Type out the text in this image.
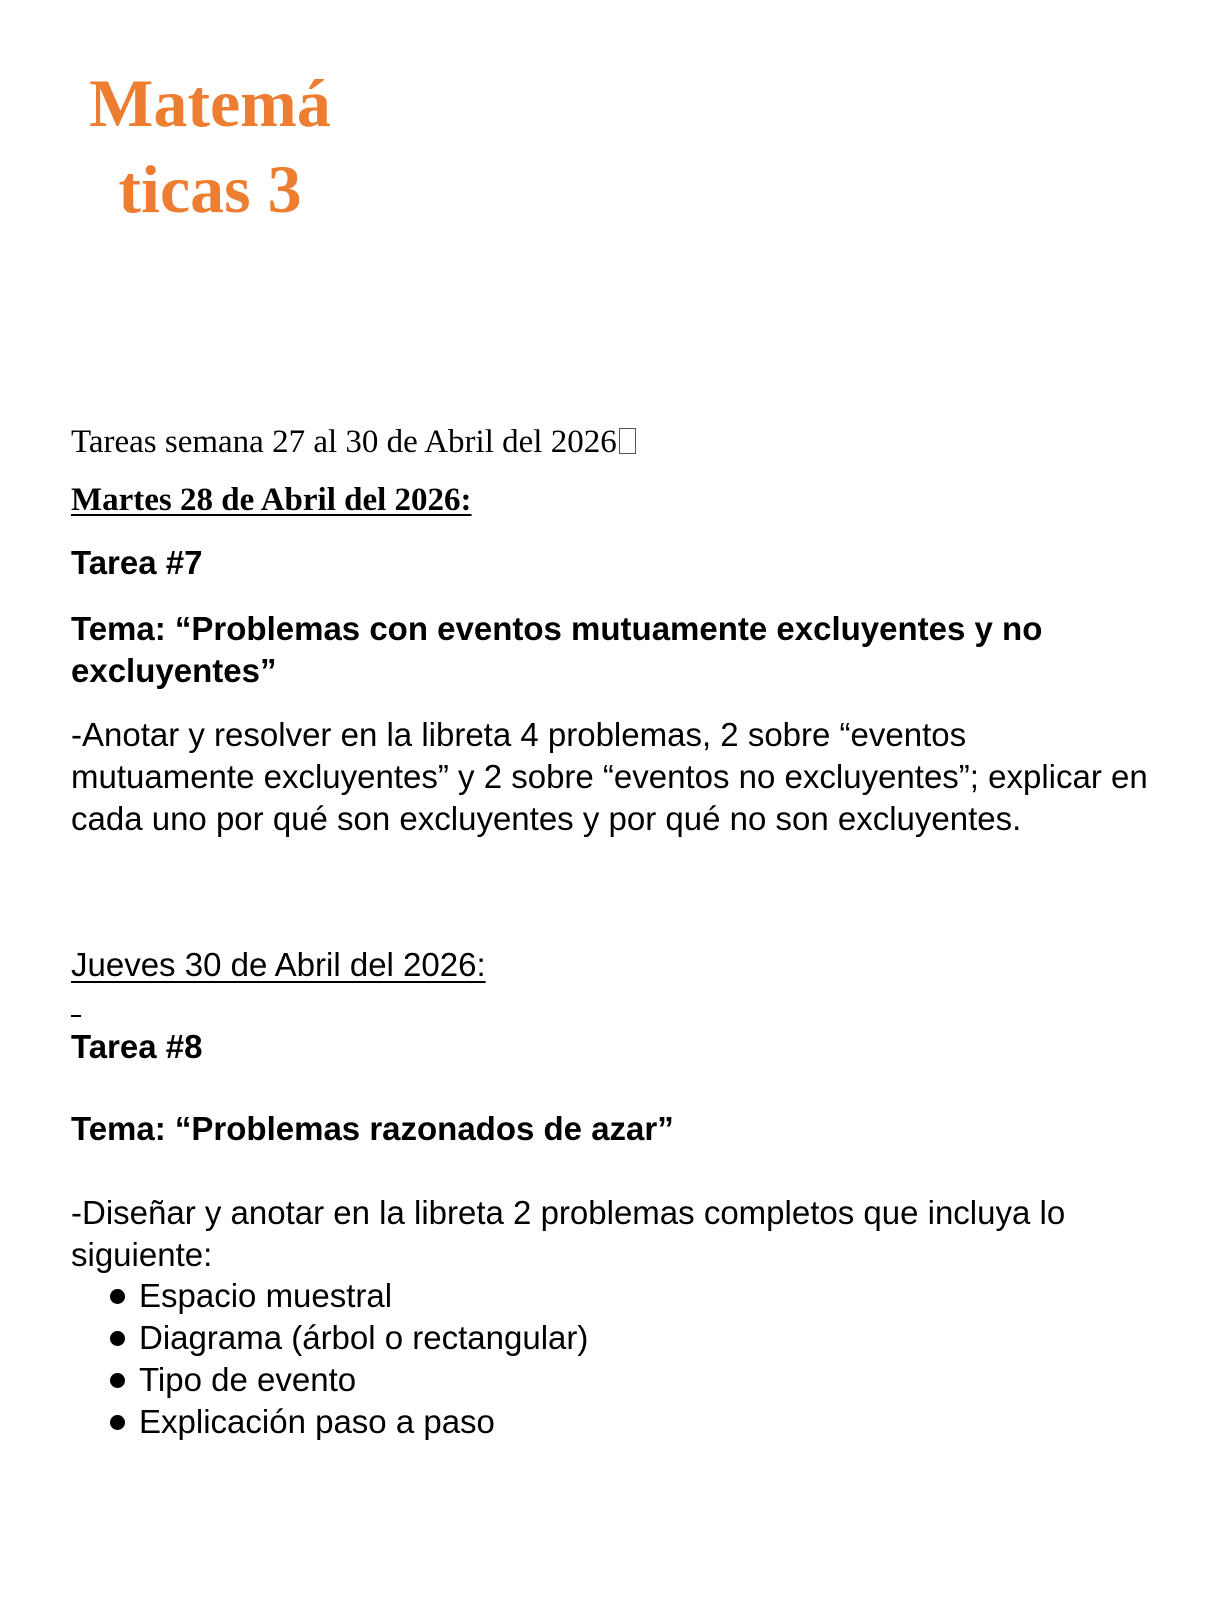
Matemá
ticas 3
Tareas semana 27 al 30 de Abril del 2026
Martes 28 de Abril del 2026:
Tarea #7
Tema: “Problemas con eventos mutuamente excluyentes y no excluyentes”
-Anotar y resolver en la libreta 4 problemas, 2 sobre “eventos mutuamente excluyentes” y 2 sobre “eventos no excluyentes”; explicar en cada uno por qué son excluyentes y por qué no son excluyentes.
Jueves 30 de Abril del 2026:
Tarea #8
Tema: “Problemas razonados de azar”
-Diseñar y anotar en la libreta 2 problemas completos que incluya lo siguiente:
Espacio muestral
Diagrama (árbol o rectangular)
Tipo de evento
Explicación paso a paso
